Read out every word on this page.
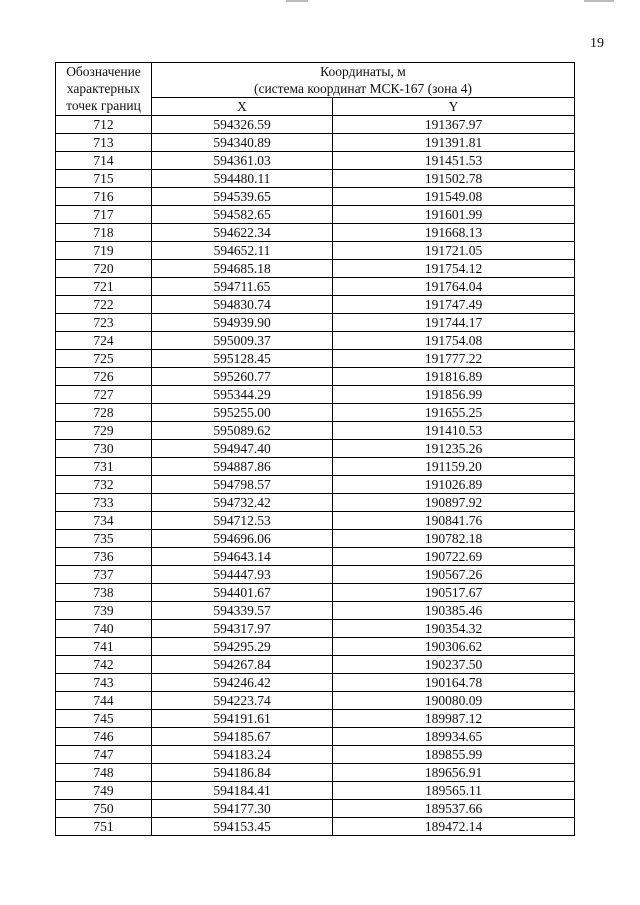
19
Обозначение
характерных
точек границ	Координаты, м
(система координат МСК-167 (зона 4)	

	X	Y
712	594326.59	191367.97
713	594340.89	191391.81
714	594361.03	191451.53
715	594480.11	191502.78
716	594539.65	191549.08
717	594582.65	191601.99
718	594622.34	191668.13
719	594652.11	191721.05
720	594685.18	191754.12
721	594711.65	191764.04
722	594830.74	191747.49
723	594939.90	191744.17
724	595009.37	191754.08
725	595128.45	191777.22
726	595260.77	191816.89
727	595344.29	191856.99
728	595255.00	191655.25
729	595089.62	191410.53
730	594947.40	191235.26
731	594887.86	191159.20
732	594798.57	191026.89
733	594732.42	190897.92
734	594712.53	190841.76
735	594696.06	190782.18
736	594643.14	190722.69
737	594447.93	190567.26
738	594401.67	190517.67
739	594339.57	190385.46
740	594317.97	190354.32
741	594295.29	190306.62
742	594267.84	190237.50
743	594246.42	190164.78
744	594223.74	190080.09
745	594191.61	189987.12
746	594185.67	189934.65
747	594183.24	189855.99
748	594186.84	189656.91
749	594184.41	189565.11
750	594177.30	189537.66
751	594153.45	189472.14
